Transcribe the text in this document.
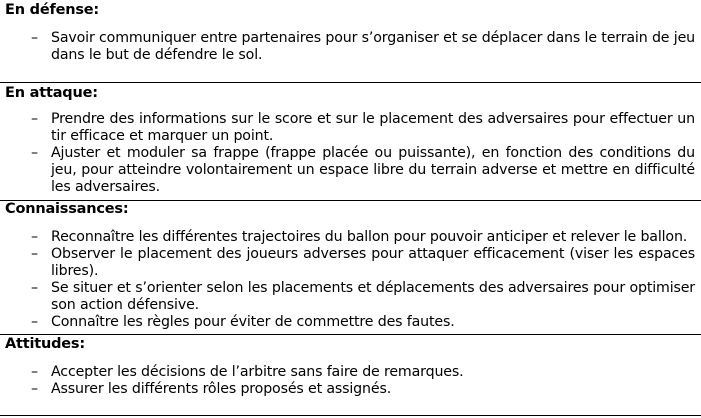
En défense:
– Savoir communiquer entre partenaires pour s’organiser et se déplacer dans le terrain de jeu dans le but de défendre le sol.
En attaque:
– Prendre des informations sur le score et sur le placement des adversaires pour effectuer un tir efficace et marquer un point.
– Ajuster et moduler sa frappe (frappe placée ou puissante), en fonction des conditions du jeu, pour atteindre volontairement un espace libre du terrain adverse et mettre en difficulté les adversaires.
Connaissances:
– Reconnaître les différentes trajectoires du ballon pour pouvoir anticiper et relever le ballon.
– Observer le placement des joueurs adverses pour attaquer efficacement (viser les espaces libres).
– Se situer et s’orienter selon les placements et déplacements des adversaires pour optimiser son action défensive.
– Connaître les règles pour éviter de commettre des fautes.
Attitudes:
– Accepter les décisions de l’arbitre sans faire de remarques.
– Assurer les différents rôles proposés et assignés.
